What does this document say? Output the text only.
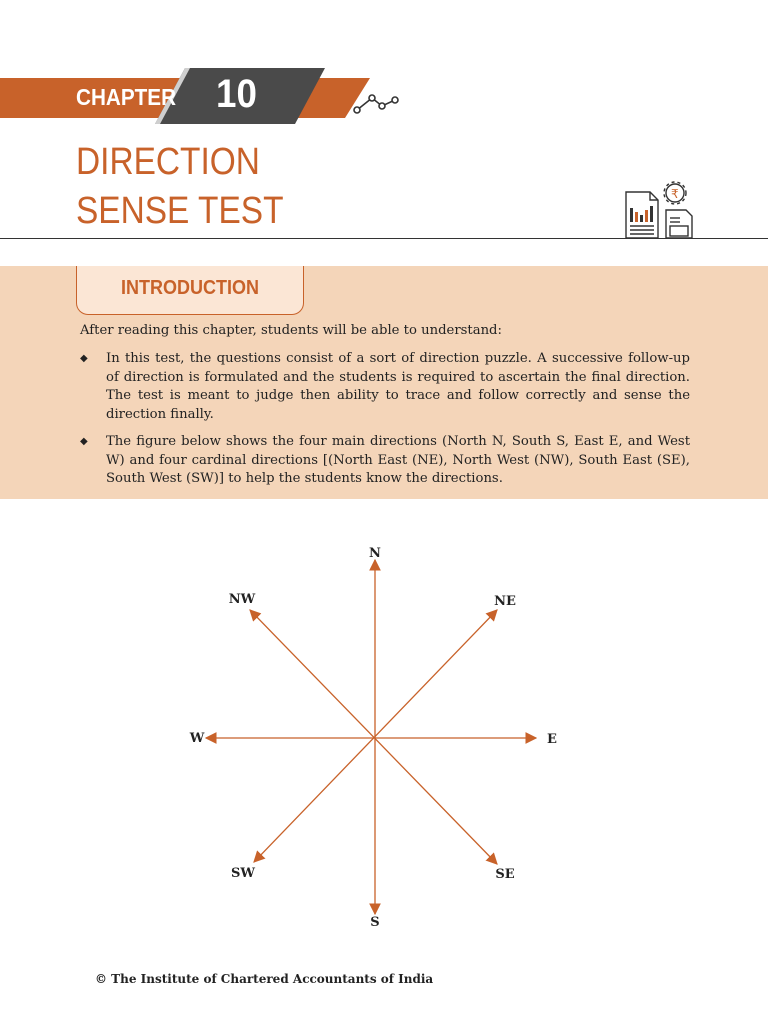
CHAPTER 10
DIRECTION
SENSE TEST	₹
INTRODUCTION
After reading this chapter, students will be able to understand:
◆ In this test, the questions consist of a sort of direction puzzle. A successive follow-up of direction is formulated and the students is required to ascertain the final direction. The test is meant to judge then ability to trace and follow correctly and sense the direction finally.
◆ The figure below shows the four main directions (North N, South S, East E, and West W) and four cardinal directions [(North East (NE), North West (NW), South East (SE), South West (SW)] to help the students know the directions.
N
NE
E
SE
S
SW
W
NW
© The Institute of Chartered Accountants of India
